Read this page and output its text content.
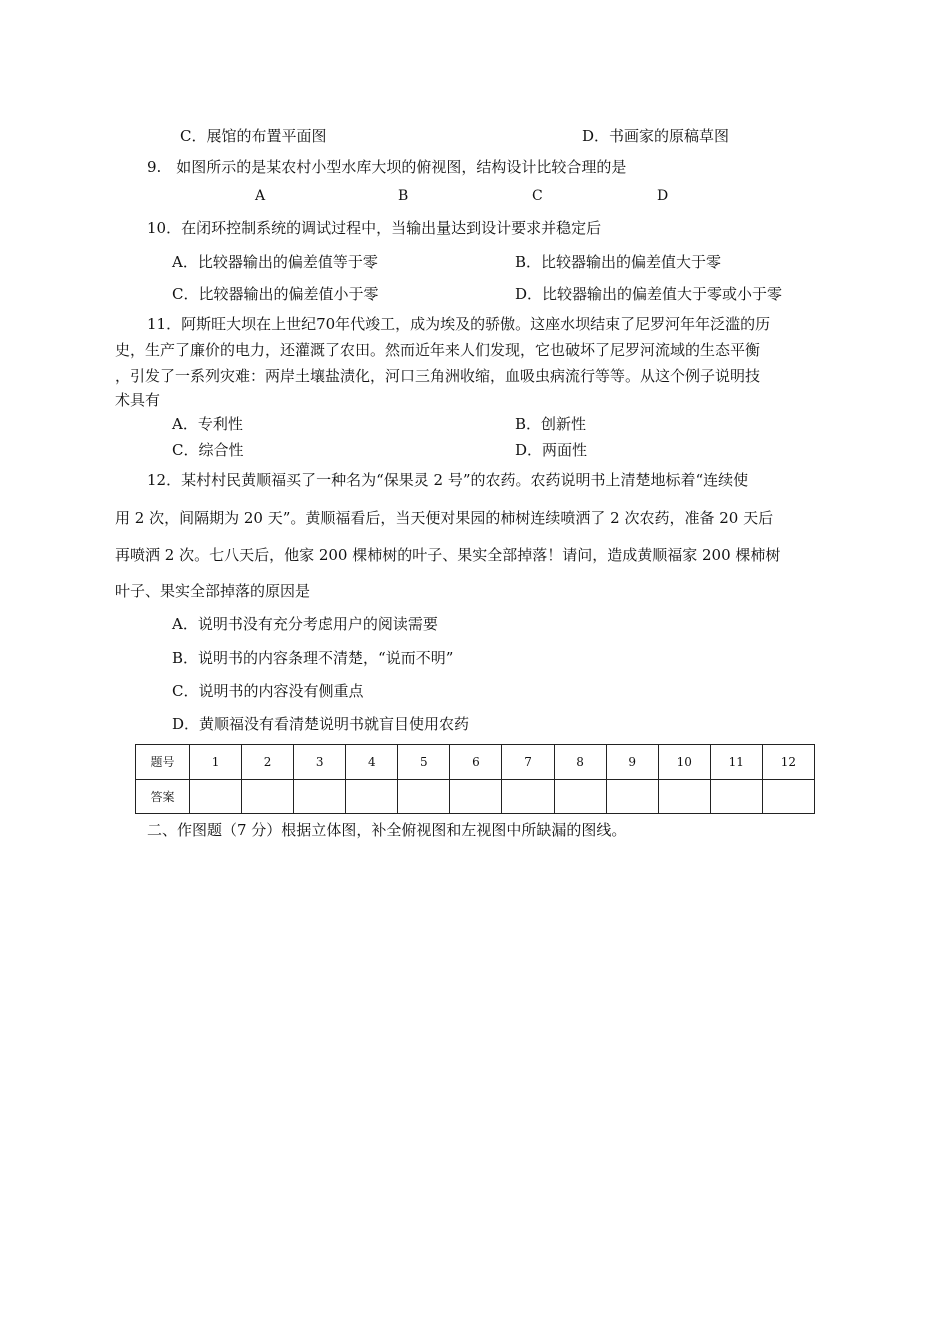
C．展馆的布置平面图	D．书画家的原稿草图
9.　如图所示的是某农村小型水库大坝的俯视图，结构设计比较合理的是
A	B	C	D
10．在闭环控制系统的调试过程中，当输出量达到设计要求并稳定后
A．比较器输出的偏差值等于零	B．比较器输出的偏差值大于零
C．比较器输出的偏差值小于零	D．比较器输出的偏差值大于零或小于零
11．阿斯旺大坝在上世纪70年代竣工，成为埃及的骄傲。这座水坝结束了尼罗河年年泛滥的历
史，生产了廉价的电力，还灌溉了农田。然而近年来人们发现，它也破坏了尼罗河流域的生态平衡
，引发了一系列灾难：两岸土壤盐渍化，河口三角洲收缩，血吸虫病流行等等。从这个例子说明技
术具有
A．专利性	B．创新性
C．综合性	D．两面性
12．某村村民黄顺福买了一种名为“保果灵 2 号”的农药。农药说明书上清楚地标着“连续使
用 2 次，间隔期为 20 天”。黄顺福看后，当天便对果园的柿树连续喷洒了 2 次农药，准备 20 天后
再喷洒 2 次。七八天后，他家 200 棵柿树的叶子、果实全部掉落！请问，造成黄顺福家 200 棵柿树
叶子、果实全部掉落的原因是
A．说明书没有充分考虑用户的阅读需要
B．说明书的内容条理不清楚，“说而不明”
C．说明书的内容没有侧重点
D．黄顺福没有看清楚说明书就盲目使用农药
题号	1	2	3	4	5	6	7	8	9	10	11	12
答案												
二、作图题（7 分）根据立体图，补全俯视图和左视图中所缺漏的图线。
